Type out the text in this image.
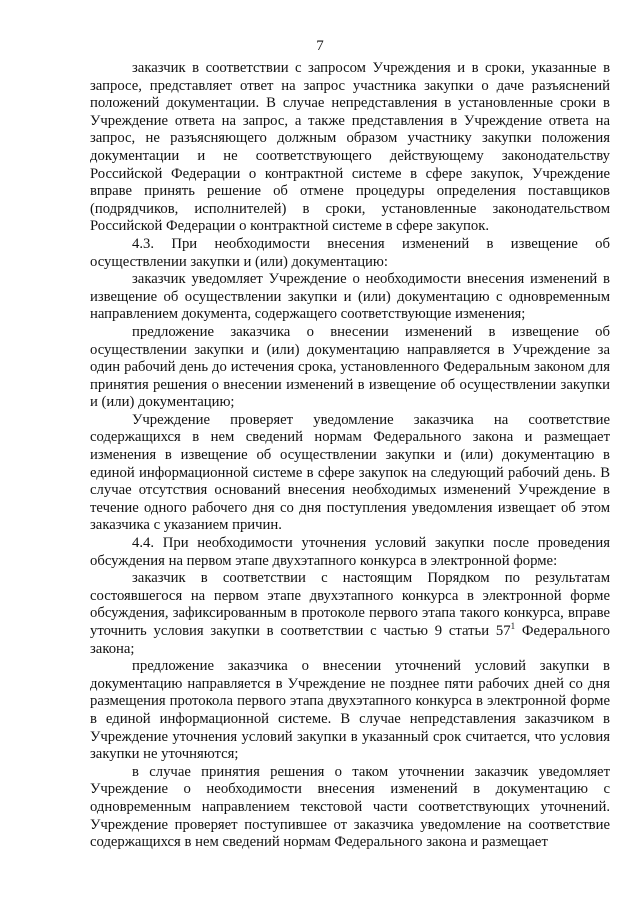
7

заказчик в соответствии с запросом Учреждения и в сроки, указанные в запросе, представляет ответ на запрос участника закупки о даче разъяснений положений документации. В случае непредставления в установленные сроки в Учреждение ответа на запрос, а также представления в Учреждение ответа на запрос, не разъясняющего должным образом участнику закупки положения документации и не соответствующего действующему законодательству Российской Федерации о контрактной системе в сфере закупок, Учреждение вправе принять решение об отмене процедуры определения поставщиков (подрядчиков, исполнителей) в сроки, установленные законодательством Российской Федерации о контрактной системе в сфере закупок.

4.3. При необходимости внесения изменений в извещение об осуществлении закупки и (или) документацию:

заказчик уведомляет Учреждение о необходимости внесения изменений в извещение об осуществлении закупки и (или) документацию с одновременным направлением документа, содержащего соответствующие изменения;

предложение заказчика о внесении изменений в извещение об осуществлении закупки и (или) документацию направляется в Учреждение за один рабочий день до истечения срока, установленного Федеральным законом для принятия решения о внесении изменений в извещение об осуществлении закупки и (или) документацию;

Учреждение проверяет уведомление заказчика на соответствие содержащихся в нем сведений нормам Федерального закона и размещает изменения в извещение об осуществлении закупки и (или) документацию в единой информационной системе в сфере закупок на следующий рабочий день. В случае отсутствия оснований внесения необходимых изменений Учреждение в течение одного рабочего дня со дня поступления уведомления извещает об этом заказчика с указанием причин.

4.4. При необходимости уточнения условий закупки после проведения обсуждения на первом этапе двухэтапного конкурса в электронной форме:

заказчик в соответствии с настоящим Порядком по результатам состоявшегося на первом этапе двухэтапного конкурса в электронной форме обсуждения, зафиксированным в протоколе первого этапа такого конкурса, вправе уточнить условия закупки в соответствии с частью 9 статьи $57^1$ Федерального закона;

предложение заказчика о внесении уточнений условий закупки в документацию направляется в Учреждение не позднее пяти рабочих дней со дня размещения протокола первого этапа двухэтапного конкурса в электронной форме в единой информационной системе. В случае непредставления заказчиком в Учреждение уточнения условий закупки в указанный срок считается, что условия закупки не уточняются;

в случае принятия решения о таком уточнении заказчик уведомляет Учреждение о необходимости внесения изменений в документацию с одновременным направлением текстовой части соответствующих уточнений. Учреждение проверяет поступившее от заказчика уведомление на соответствие содержащихся в нем сведений нормам Федерального закона и размещает
